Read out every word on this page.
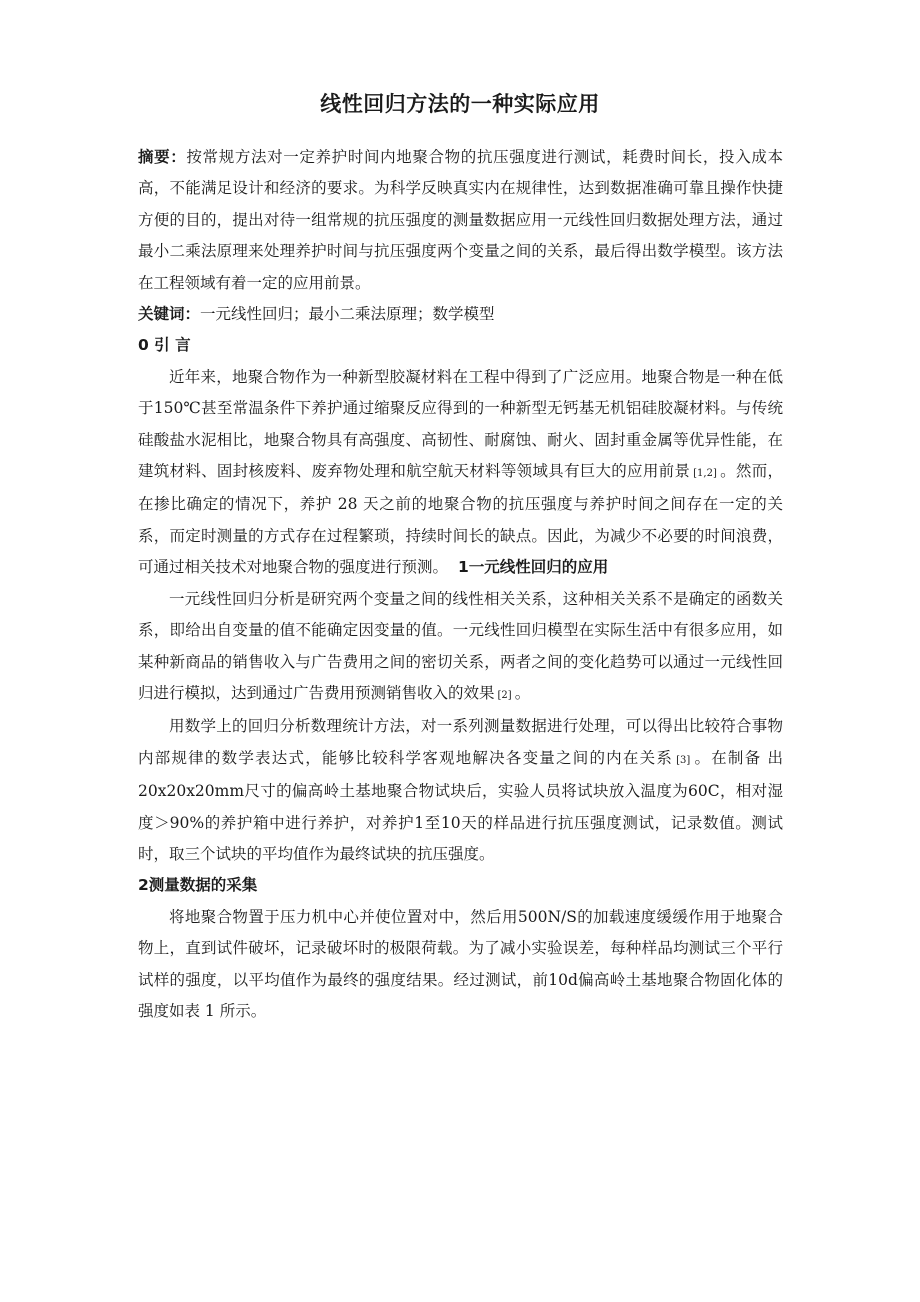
线性回归方法的一种实际应用

摘要：按常规方法对一定养护时间内地聚合物的抗压强度进行测试，耗费时间长，投入成本高，不能满足设计和经济的要求。为科学反映真实内在规律性，达到数据准确可靠且操作快捷方便的目的，提出对待一组常规的抗压强度的测量数据应用一元线性回归数据处理方法，通过最小二乘法原理来处理养护时间与抗压强度两个变量之间的关系，最后得出数学模型。该方法在工程领域有着一定的应用前景。

关键词：一元线性回归；最小二乘法原理；数学模型

0 引 言

近年来，地聚合物作为一种新型胶凝材料在工程中得到了广泛应用。地聚合物是一种在低于150℃甚至常温条件下养护通过缩聚反应得到的一种新型无钙基无机铝硅胶凝材料。与传统硅酸盐水泥相比，地聚合物具有高强度、高韧性、耐腐蚀、耐火、固封重金属等优异性能，在建筑材料、固封核废料、废弃物处理和航空航天材料等领域具有巨大的应用前景 [1,2] 。然而，在掺比确定的情况下，养护 28 天之前的地聚合物的抗压强度与养护时间之间存在一定的关系，而定时测量的方式存在过程繁琐，持续时间长的缺点。因此，为减少不必要的时间浪费，可通过相关技术对地聚合物的强度进行预测。 1一元线性回归的应用

一元线性回归分析是研究两个变量之间的线性相关关系，这种相关关系不是确定的函数关系，即给出自变量的值不能确定因变量的值。一元线性回归模型在实际生活中有很多应用，如某种新商品的销售收入与广告费用之间的密切关系，两者之间的变化趋势可以通过一元线性回归进行模拟，达到通过广告费用预测销售收入的效果 [2] 。

用数学上的回归分析数理统计方法，对一系列测量数据进行处理，可以得出比较符合事物内部规律的数学表达式，能够比较科学客观地解决各变量之间的内在关系 [3] 。在制备 出20x20x20mm尺寸的偏高岭土基地聚合物试块后，实验人员将试块放入温度为60C，相对湿度＞90%的养护箱中进行养护，对养护1至10天的样品进行抗压强度测试，记录数值。测试时，取三个试块的平均值作为最终试块的抗压强度。

2测量数据的采集

将地聚合物置于压力机中心并使位置对中，然后用500N/S的加载速度缓缓作用于地聚合物上，直到试件破坏，记录破坏时的极限荷载。为了减小实验误差，每种样品均测试三个平行试样的强度，以平均值作为最终的强度结果。经过测试，前10d偏高岭土基地聚合物固化体的强度如表 1 所示。
